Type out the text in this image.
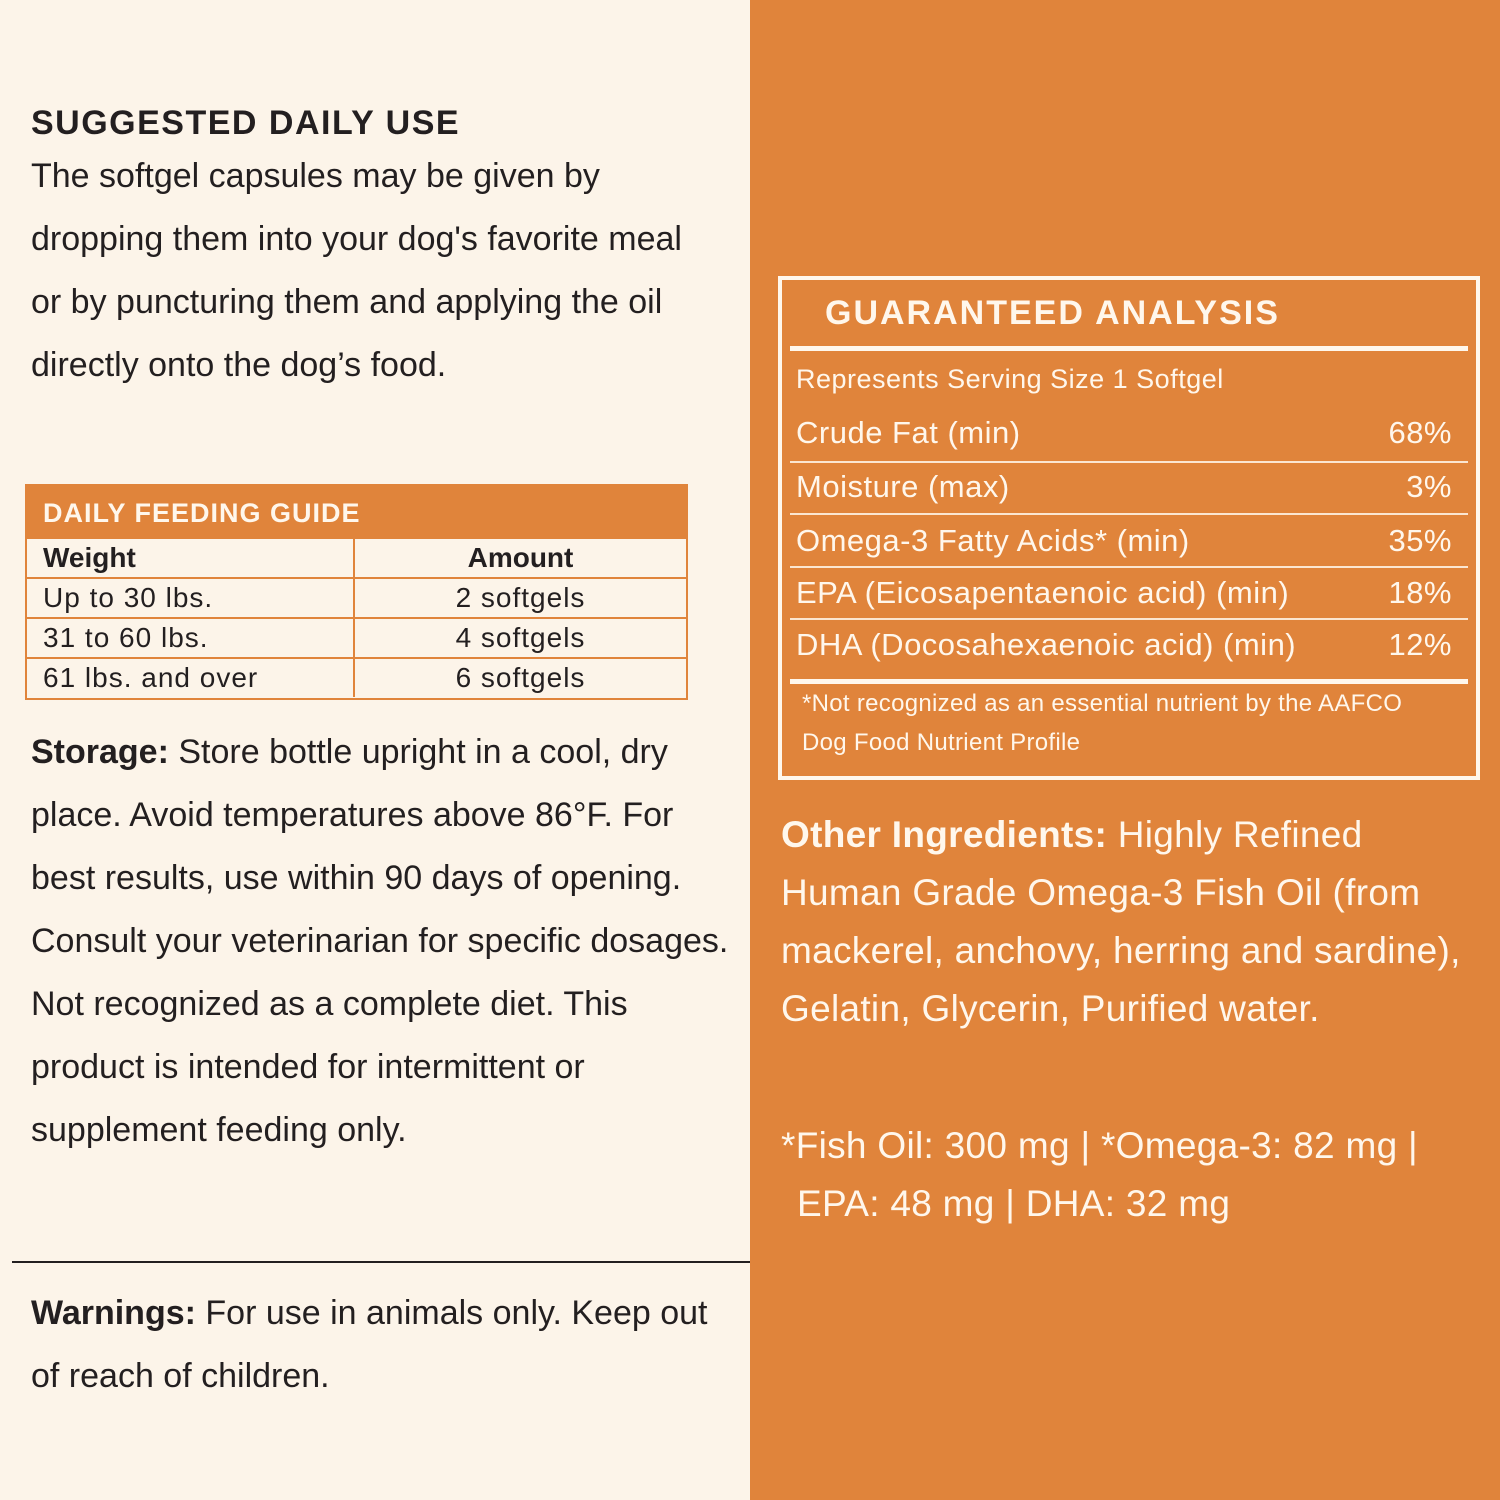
SUGGESTED DAILY USE

The softgel capsules may be given by dropping them into your dog's favorite meal or by puncturing them and applying the oil directly onto the dog’s food.

DAILY FEEDING GUIDE
Weight	Amount
Up to 30 lbs.	2 softgels
31 to 60 lbs.	4 softgels
61 lbs. and over	6 softgels

Storage: Store bottle upright in a cool, dry place. Avoid temperatures above 86°F. For best results, use within 90 days of opening. Consult your veterinarian for specific dosages. Not recognized as a complete diet. This product is intended for intermittent or supplement feeding only.

Warnings: For use in animals only. Keep out of reach of children.

GUARANTEED ANALYSIS
Represents Serving Size 1 Softgel
Crude Fat (min)	68%
Moisture (max)	3%
Omega-3 Fatty Acids* (min)	35%
EPA (Eicosapentaenoic acid) (min)	18%
DHA (Docosahexaenoic acid) (min)	12%
*Not recognized as an essential nutrient by the AAFCO Dog Food Nutrient Profile

Other Ingredients: Highly Refined Human Grade Omega-3 Fish Oil (from mackerel, anchovy, herring and sardine), Gelatin, Glycerin, Purified water.

*Fish Oil: 300 mg | *Omega-3: 82 mg |
EPA: 48 mg | DHA: 32 mg
